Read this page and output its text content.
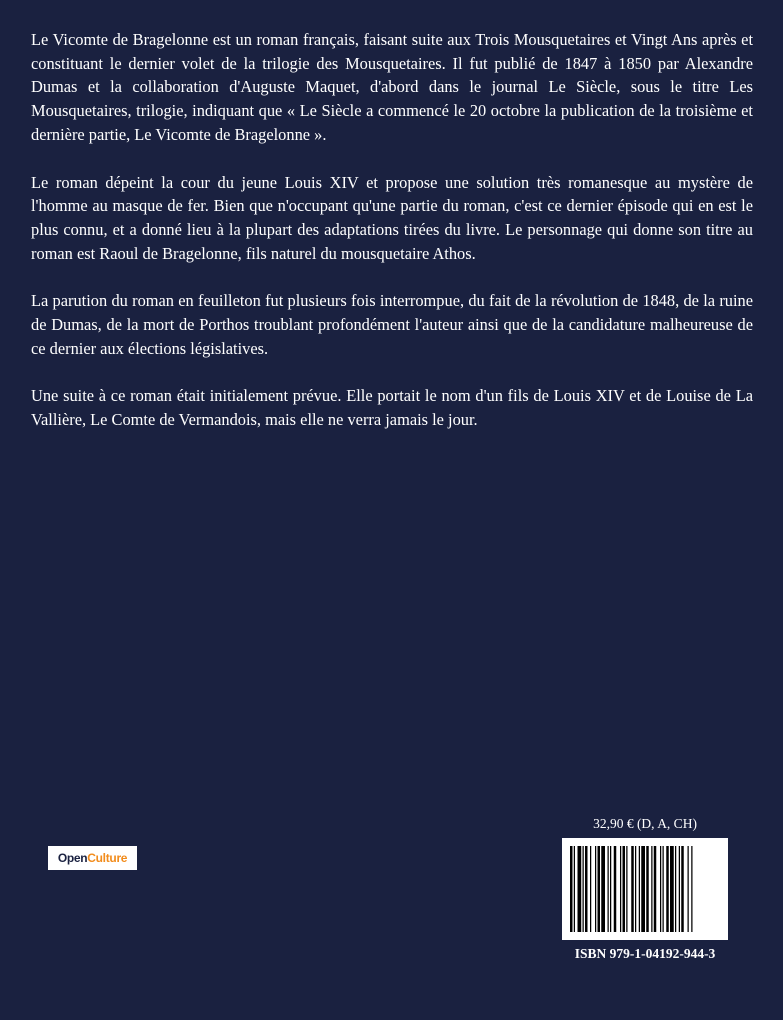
Le Vicomte de Bragelonne est un roman français, faisant suite aux Trois Mousquetaires et Vingt Ans après et constituant le dernier volet de la trilogie des Mousquetaires. Il fut publié de 1847 à 1850 par Alexandre Dumas et la collaboration d'Auguste Maquet, d'abord dans le journal Le Siècle, sous le titre Les Mousquetaires, trilogie, indiquant que « Le Siècle a commencé le 20 octobre la publication de la troisième et dernière partie, Le Vicomte de Bragelonne ».

Le roman dépeint la cour du jeune Louis XIV et propose une solution très romanesque au mystère de l'homme au masque de fer. Bien que n'occupant qu'une partie du roman, c'est ce dernier épisode qui en est le plus connu, et a donné lieu à la plupart des adaptations tirées du livre. Le personnage qui donne son titre au roman est Raoul de Bragelonne, fils naturel du mousquetaire Athos.

La parution du roman en feuilleton fut plusieurs fois interrompue, du fait de la révolution de 1848, de la ruine de Dumas, de la mort de Porthos troublant profondément l'auteur ainsi que de la candidature malheureuse de ce dernier aux élections législatives.

Une suite à ce roman était initialement prévue. Elle portait le nom d'un fils de Louis XIV et de Louise de La Vallière, Le Comte de Vermandois, mais elle ne verra jamais le jour.

Open Culture
32,90 € (D, A, CH)
ISBN 979-1-04192-944-3
